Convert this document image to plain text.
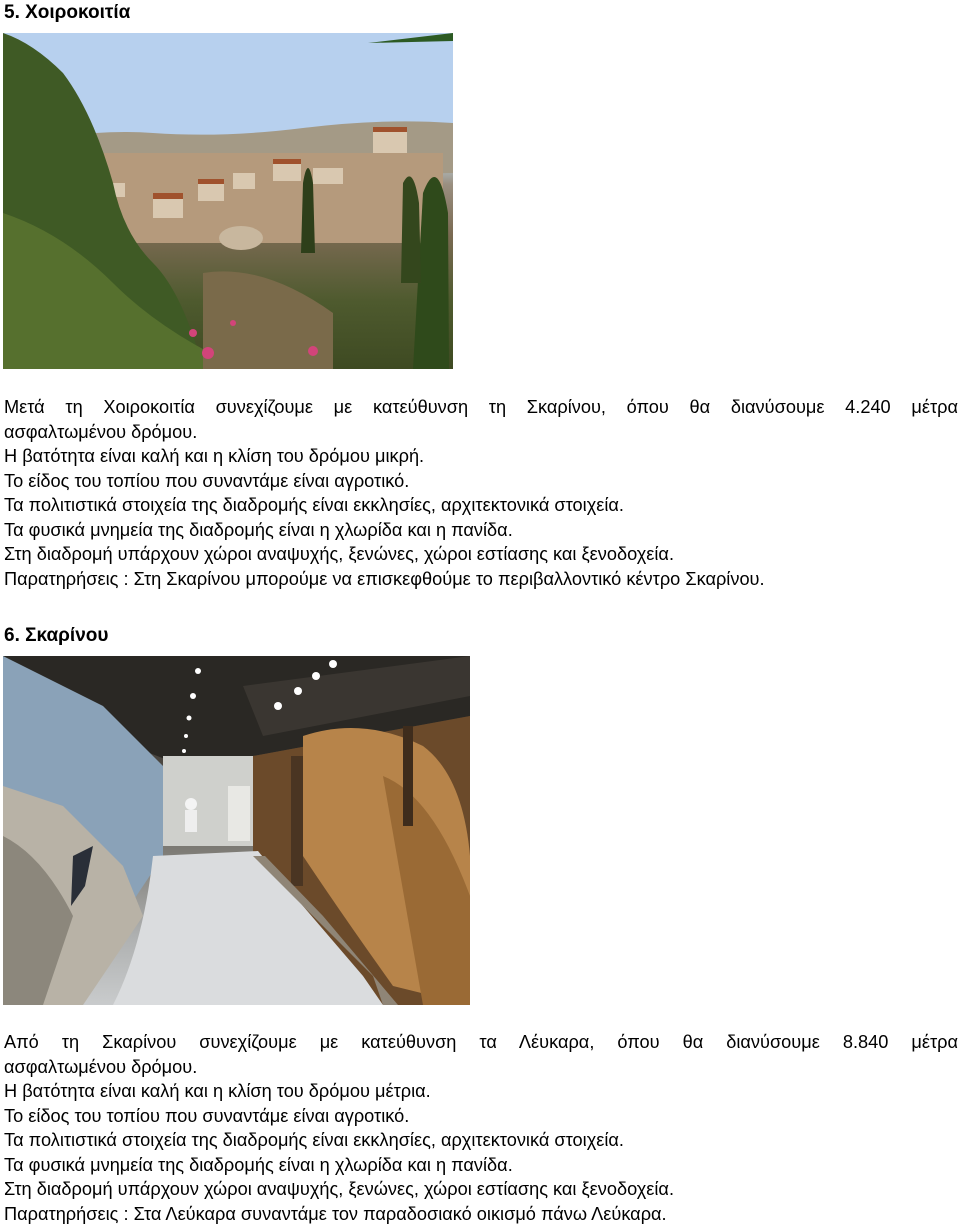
5. Χοιροκοιτία
Μετά τη Χοιροκοιτία συνεχίζουμε με κατεύθυνση τη Σκαρίνου, όπου θα διανύσουμε 4.240 μέτρα
ασφαλτωμένου δρόμου.
Η βατότητα είναι καλή και η κλίση του δρόμου μικρή.
Το είδος του τοπίου που συναντάμε είναι αγροτικό.
Τα πολιτιστικά στοιχεία της διαδρομής είναι εκκλησίες, αρχιτεκτονικά στοιχεία.
Τα φυσικά μνημεία της διαδρομής είναι η χλωρίδα και η πανίδα.
Στη διαδρομή υπάρχουν χώροι αναψυχής, ξενώνες, χώροι εστίασης και ξενοδοχεία.
Παρατηρήσεις : Στη Σκαρίνου μπορούμε να επισκεφθούμε το περιβαλλοντικό κέντρο Σκαρίνου.
6. Σκαρίνου
Από τη Σκαρίνου συνεχίζουμε με κατεύθυνση τα Λέυκαρα, όπου θα διανύσουμε 8.840 μέτρα
ασφαλτωμένου δρόμου.
Η βατότητα είναι καλή και η κλίση του δρόμου μέτρια.
Το είδος του τοπίου που συναντάμε είναι αγροτικό.
Τα πολιτιστικά στοιχεία της διαδρομής είναι εκκλησίες, αρχιτεκτονικά στοιχεία.
Τα φυσικά μνημεία της διαδρομής είναι η χλωρίδα και η πανίδα.
Στη διαδρομή υπάρχουν χώροι αναψυχής, ξενώνες, χώροι εστίασης και ξενοδοχεία.
Παρατηρήσεις : Στα Λεύκαρα συναντάμε τον παραδοσιακό οικισμό πάνω Λεύκαρα.
